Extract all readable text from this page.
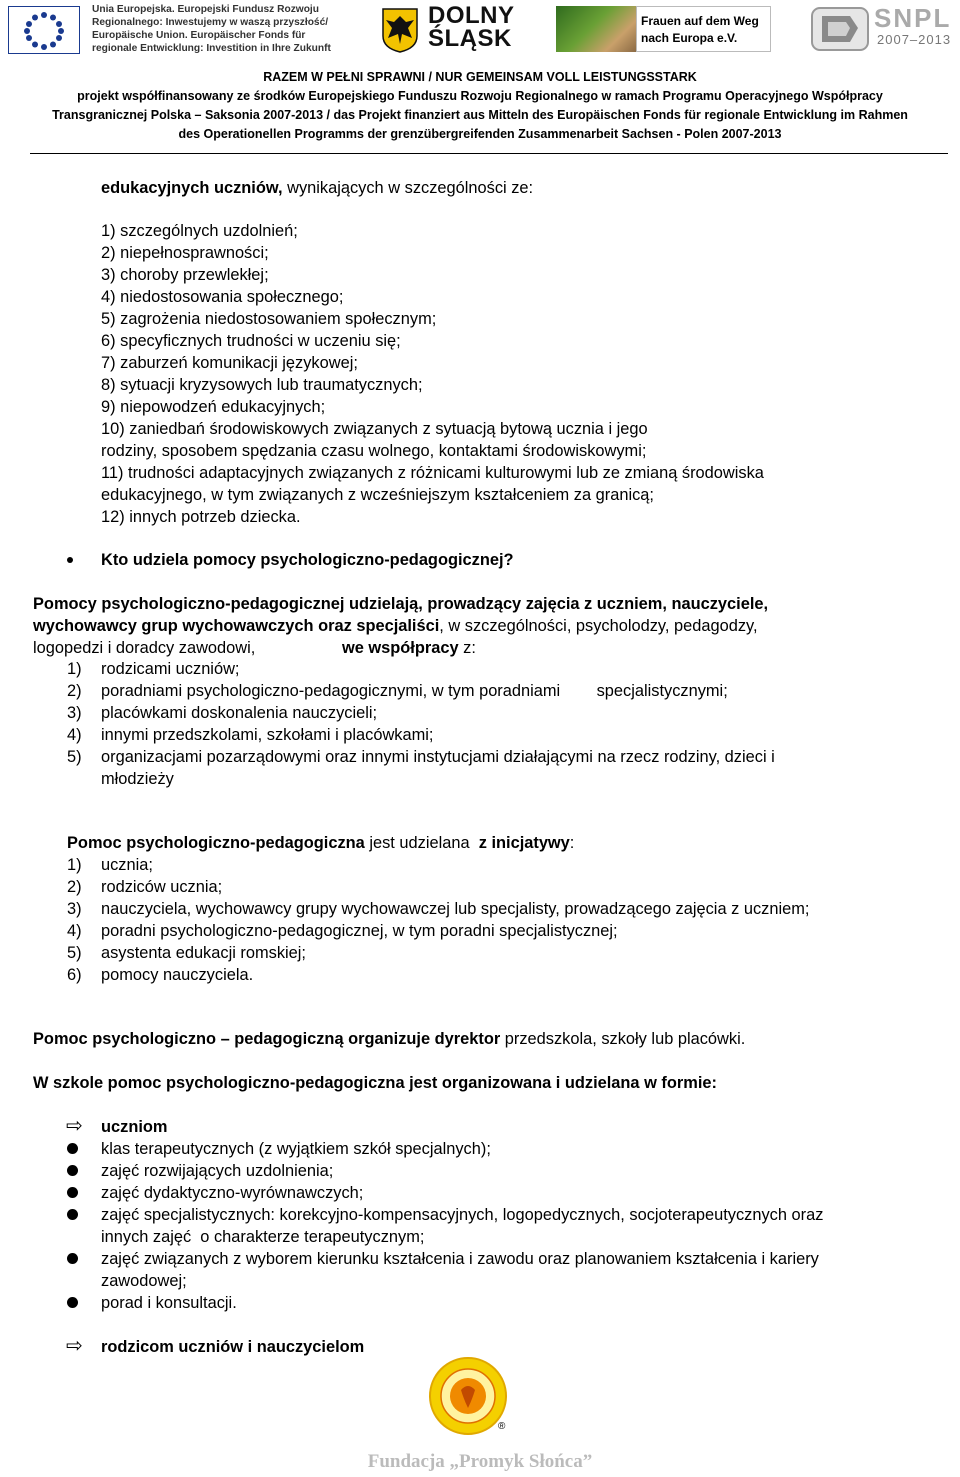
Unia Europejska. Europejski Fundusz Rozwoju
Regionalnego: Inwestujemy w waszą przyszłość/
Europäische Union. Europäischer Fonds für
regionale Entwicklung: Investition in Ihre Zukunft
DOLNY
ŚLĄSK
Frauen auf dem Weg
nach Europa e.V.
SNPL
2007–2013
RAZEM W PEŁNI SPRAWNI / NUR GEMEINSAM VOLL LEISTUNGSSTARK
projekt współfinansowany ze środków Europejskiego Funduszu Rozwoju Regionalnego w ramach Programu Operacyjnego Współpracy
Transgranicznej Polska – Saksonia 2007-2013 / das Projekt finanziert aus Mitteln des Europäischen Fonds für regionale Entwicklung im Rahmen
des Operationellen Programms der grenzübergreifenden Zusammenarbeit Sachsen - Polen 2007-2013
edukacyjnych uczniów, wynikających w szczególności ze:
1) szczególnych uzdolnień;
2) niepełnosprawności;
3) choroby przewlekłej;
4) niedostosowania społecznego;
5) zagrożenia niedostosowaniem społecznym;
6) specyficznych trudności w uczeniu się;
7) zaburzeń komunikacji językowej;
8) sytuacji kryzysowych lub traumatycznych;
9) niepowodzeń edukacyjnych;
10) zaniedbań środowiskowych związanych z sytuacją bytową ucznia i jego
rodziny, sposobem spędzania czasu wolnego, kontaktami środowiskowymi;
11) trudności adaptacyjnych związanych z różnicami kulturowymi lub ze zmianą środowiska
edukacyjnego, w tym związanych z wcześniejszym kształceniem za granicą;
12) innych potrzeb dziecka.
Kto udziela pomocy psychologiczno-pedagogicznej?
Pomocy psychologiczno-pedagogicznej udzielają, prowadzący zajęcia z uczniem, nauczyciele,
wychowawcy grup wychowawczych oraz specjaliści, w szczególności, psycholodzy, pedagodzy,
logopedzi i doradcy zawodowi,	we współpracy z:
1) rodzicami uczniów;
2) poradniami psychologiczno-pedagogicznymi, w tym poradniami        specjalistycznymi;
3) placówkami doskonalenia nauczycieli;
4) innymi przedszkolami, szkołami i placówkami;
5) organizacjami pozarządowymi oraz innymi instytucjami działającymi na rzecz rodziny, dzieci i
młodzieży
Pomoc psychologiczno-pedagogiczna jest udzielana  z inicjatywy:
1) ucznia;
2) rodziców ucznia;
3) nauczyciela, wychowawcy grupy wychowawczej lub specjalisty, prowadzącego zajęcia z uczniem;
4) poradni psychologiczno-pedagogicznej, w tym poradni specjalistycznej;
5) asystenta edukacji romskiej;
6) pomocy nauczyciela.
Pomoc psychologiczno – pedagogiczną organizuje dyrektor przedszkola, szkoły lub placówki.
W szkole pomoc psychologiczno-pedagogiczna jest organizowana i udzielana w formie:
⇨ uczniom
klas terapeutycznych (z wyjątkiem szkół specjalnych);
zajęć rozwijających uzdolnienia;
zajęć dydaktyczno-wyrównawczych;
zajęć specjalistycznych: korekcyjno-kompensacyjnych, logopedycznych, socjoterapeutycznych oraz
innych zajęć  o charakterze terapeutycznym;
zajęć związanych z wyborem kierunku kształcenia i zawodu oraz planowaniem kształcenia i kariery
zawodowej;
porad i konsultacji.
⇨ rodzicom uczniów i nauczycielom
®
Fundacja „Promyk Słońca”
